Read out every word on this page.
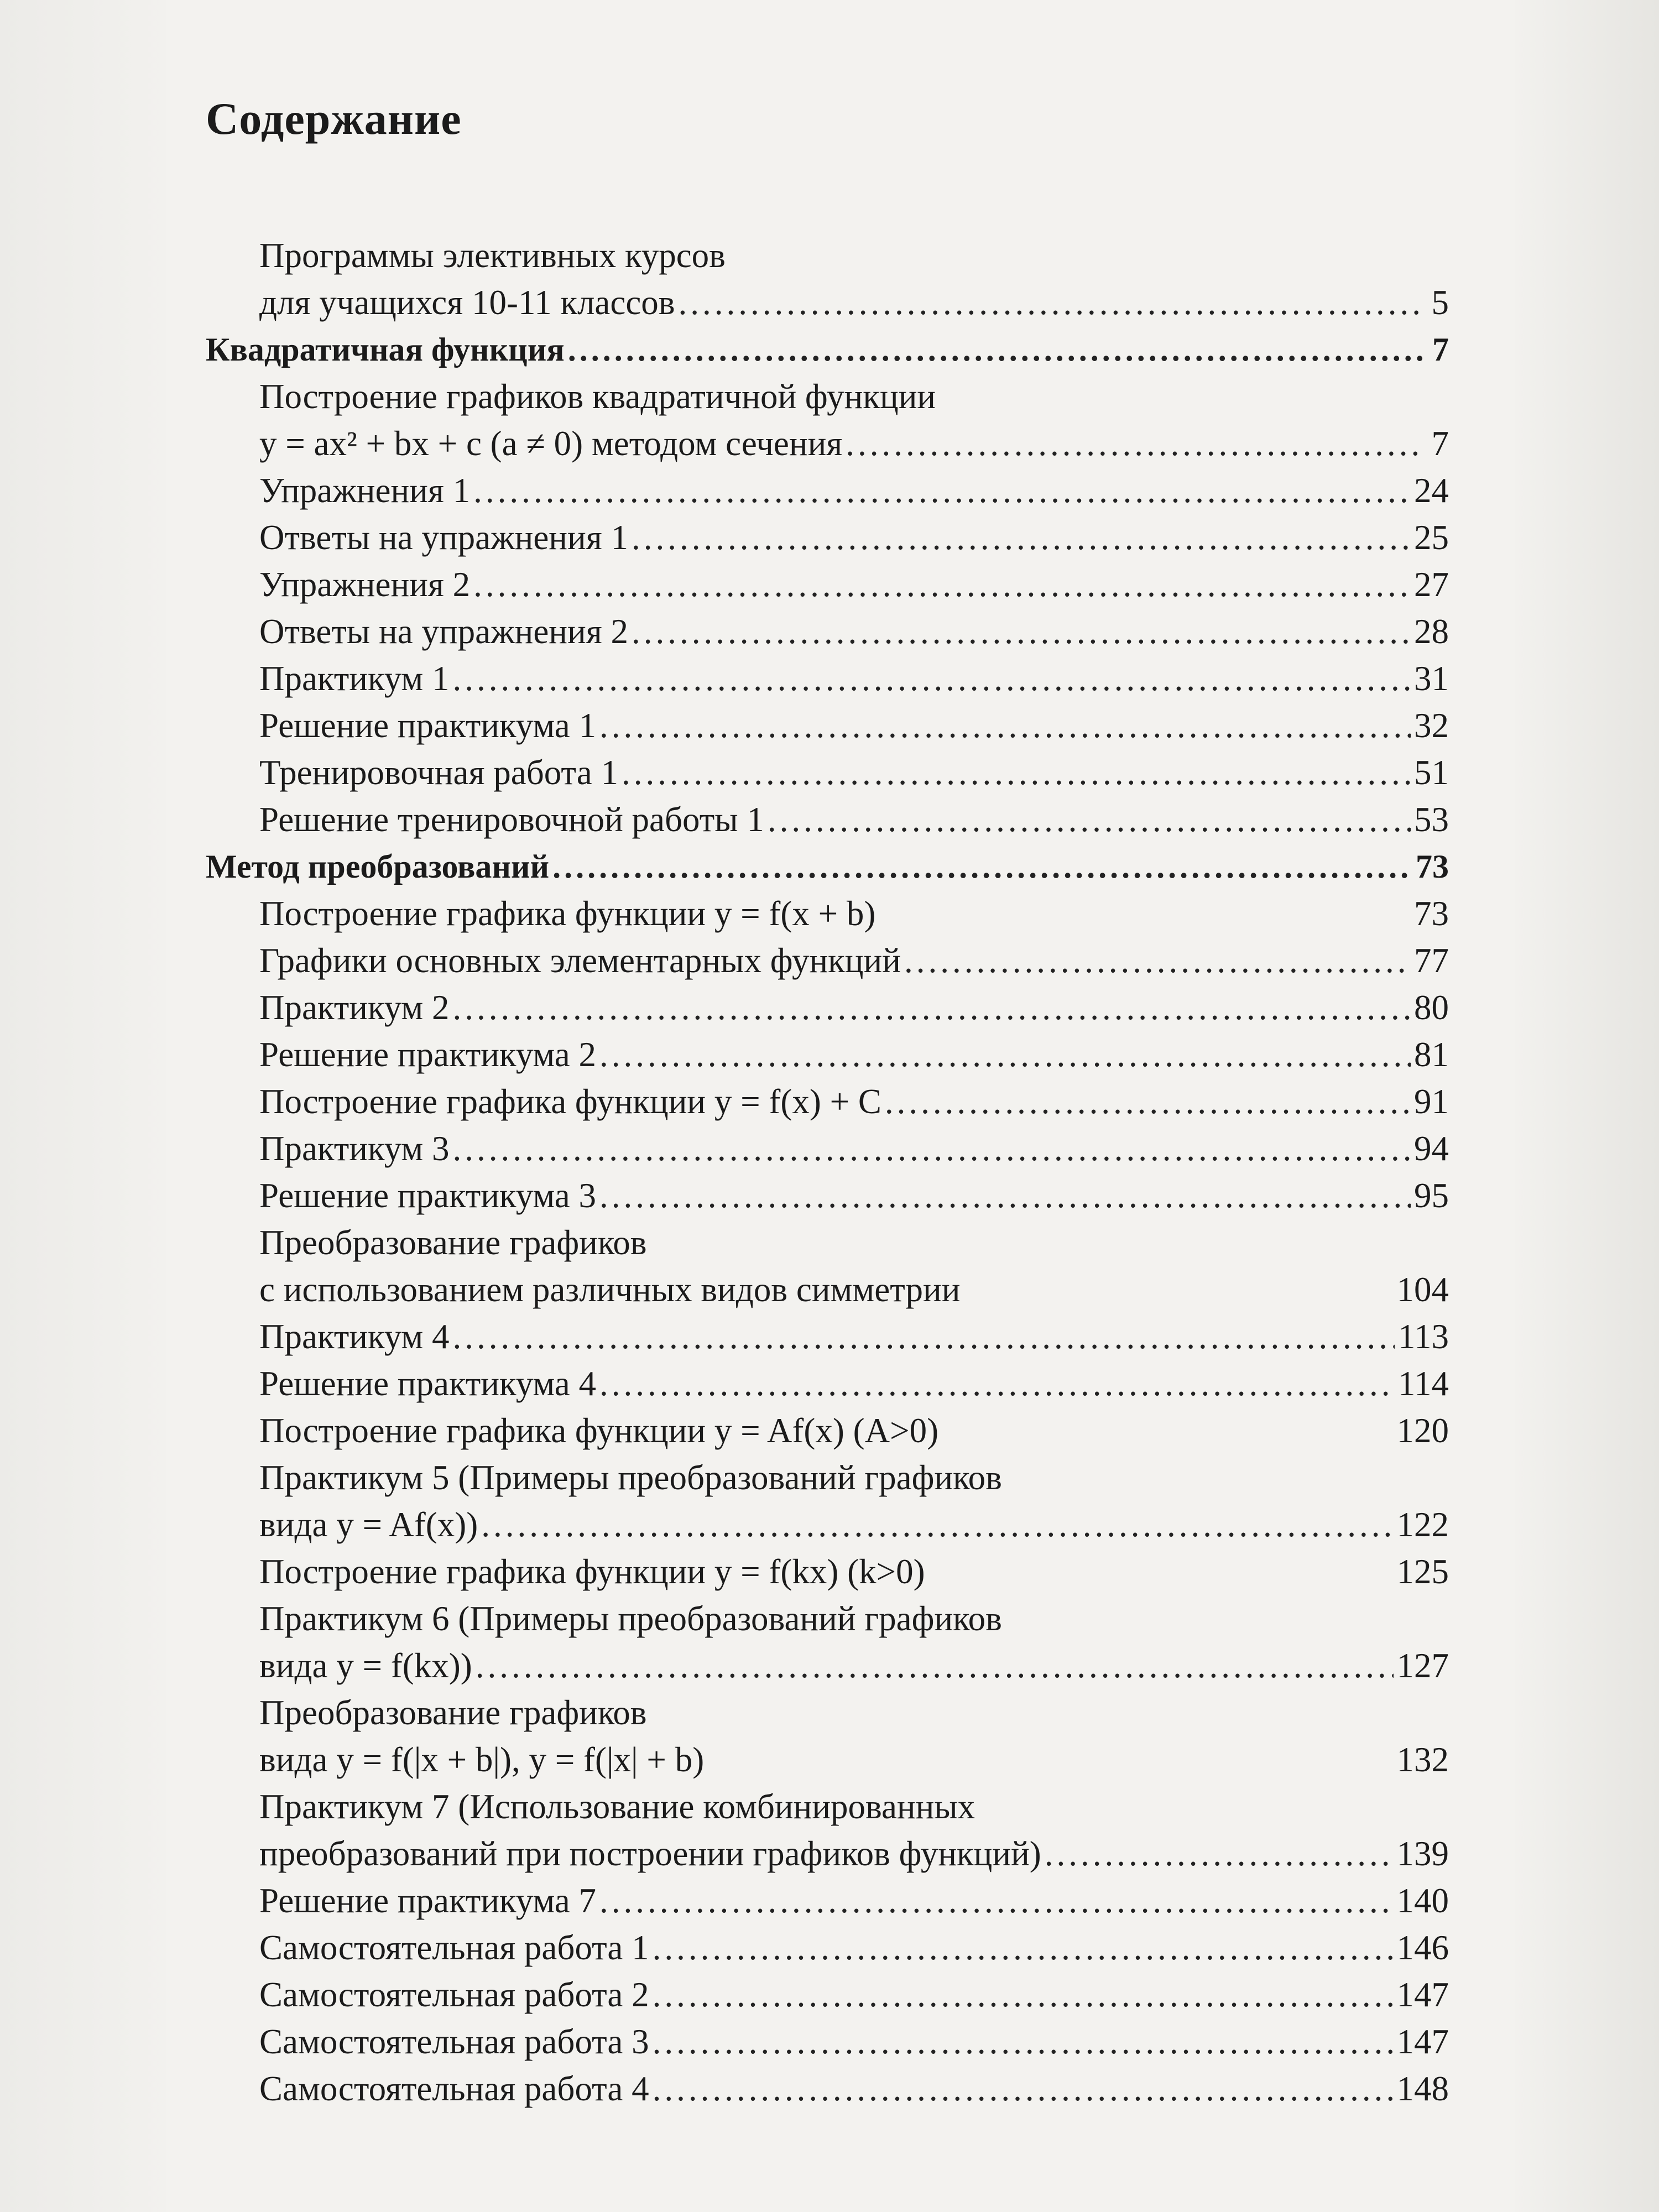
Содержание
Программы элективных курсов
для учащихся 10-11 классов .....	5
Квадратичная функция .....	7
Построение графиков квадратичной функции
y = ax² + bx + c (a ≠ 0) методом сечения .....	7
Упражнения 1 .....	24
Ответы на упражнения 1 .....	25
Упражнения 2 .....	27
Ответы на упражнения 2 .....	28
Практикум 1 .....	31
Решение практикума 1 .....	32
Тренировочная работа 1 .....	51
Решение тренировочной работы 1 .....	53
Метод преобразований .....	73
Построение графика функции y = f(x + b)	73
Графики основных элементарных функций .....	77
Практикум 2 .....	80
Решение практикума 2 .....	81
Построение графика функции y = f(x) + C .....	91
Практикум 3 .....	94
Решение практикума 3 .....	95
Преобразование графиков
с использованием различных видов симметрии	104
Практикум 4 .....	113
Решение практикума 4 .....	114
Построение графика функции y = Af(x) (A>0)	120
Практикум 5 (Примеры преобразований графиков
вида y = Af(x)) .....	122
Построение графика функции y = f(kx) (k>0)	125
Практикум 6 (Примеры преобразований графиков
вида y = f(kx)) .....	127
Преобразование графиков
вида y = f(|x + b|), y = f(|x| + b)	132
Практикум 7 (Использование комбинированных
преобразований при построении графиков функций) .....	139
Решение практикума 7 .....	140
Самостоятельная работа 1 .....	146
Самостоятельная работа 2 .....	147
Самостоятельная работа 3 .....	147
Самостоятельная работа 4 .....	148
